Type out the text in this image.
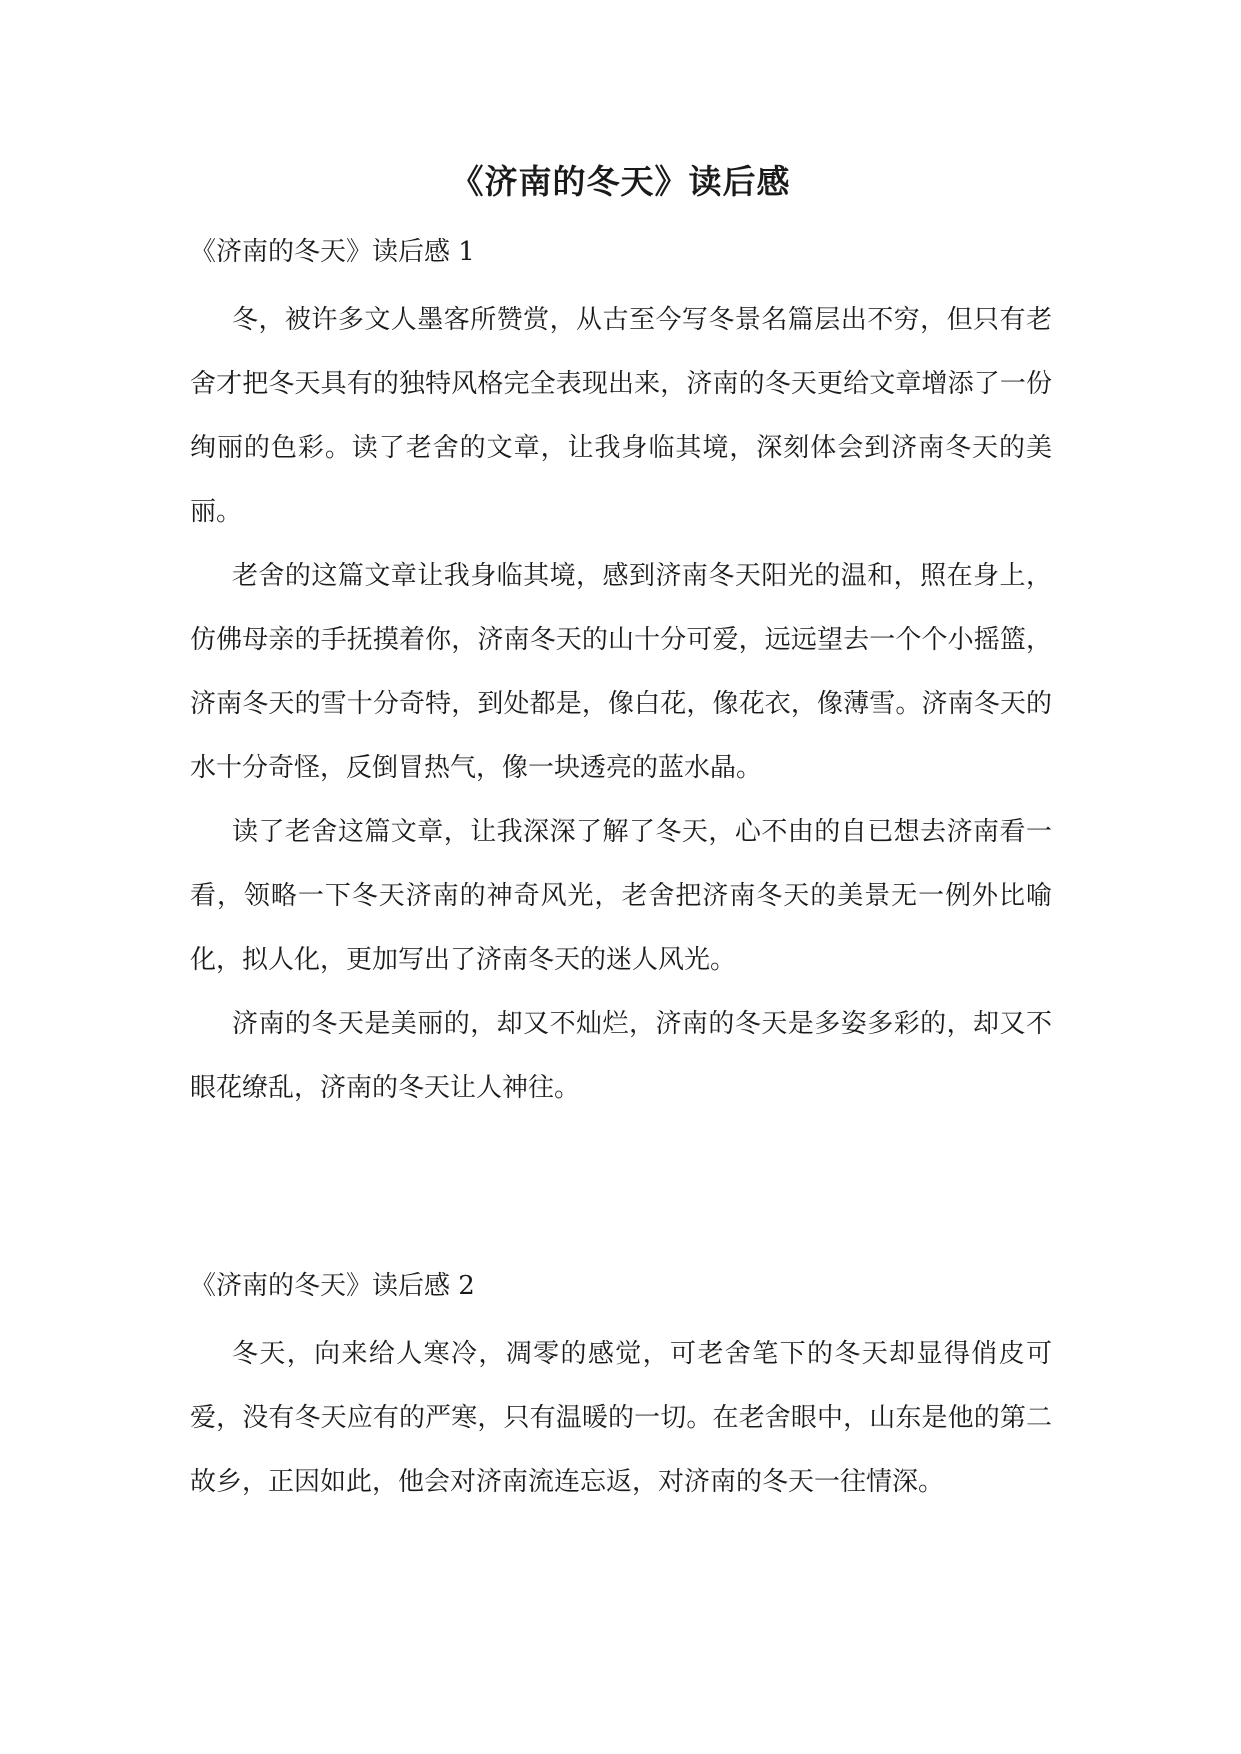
《济南的冬天》读后感
《济南的冬天》读后感 1

冬，被许多文人墨客所赞赏，从古至今写冬景名篇层出不穷，但只有老舍才把冬天具有的独特风格完全表现出来，济南的冬天更给文章增添了一份绚丽的色彩。读了老舍的文章，让我身临其境，深刻体会到济南冬天的美丽。

老舍的这篇文章让我身临其境，感到济南冬天阳光的温和，照在身上，仿佛母亲的手抚摸着你，济南冬天的山十分可爱，远远望去一个个小摇篮，济南冬天的雪十分奇特，到处都是，像白花，像花衣，像薄雪。济南冬天的水十分奇怪，反倒冒热气，像一块透亮的蓝水晶。

读了老舍这篇文章，让我深深了解了冬天，心不由的自已想去济南看一看，领略一下冬天济南的神奇风光，老舍把济南冬天的美景无一例外比喻化，拟人化，更加写出了济南冬天的迷人风光。

济南的冬天是美丽的，却又不灿烂，济南的冬天是多姿多彩的，却又不眼花缭乱，济南的冬天让人神往。

《济南的冬天》读后感 2

冬天，向来给人寒冷，凋零的感觉，可老舍笔下的冬天却显得俏皮可爱，没有冬天应有的严寒，只有温暖的一切。在老舍眼中，山东是他的第二故乡，正因如此，他会对济南流连忘返，对济南的冬天一往情深。
